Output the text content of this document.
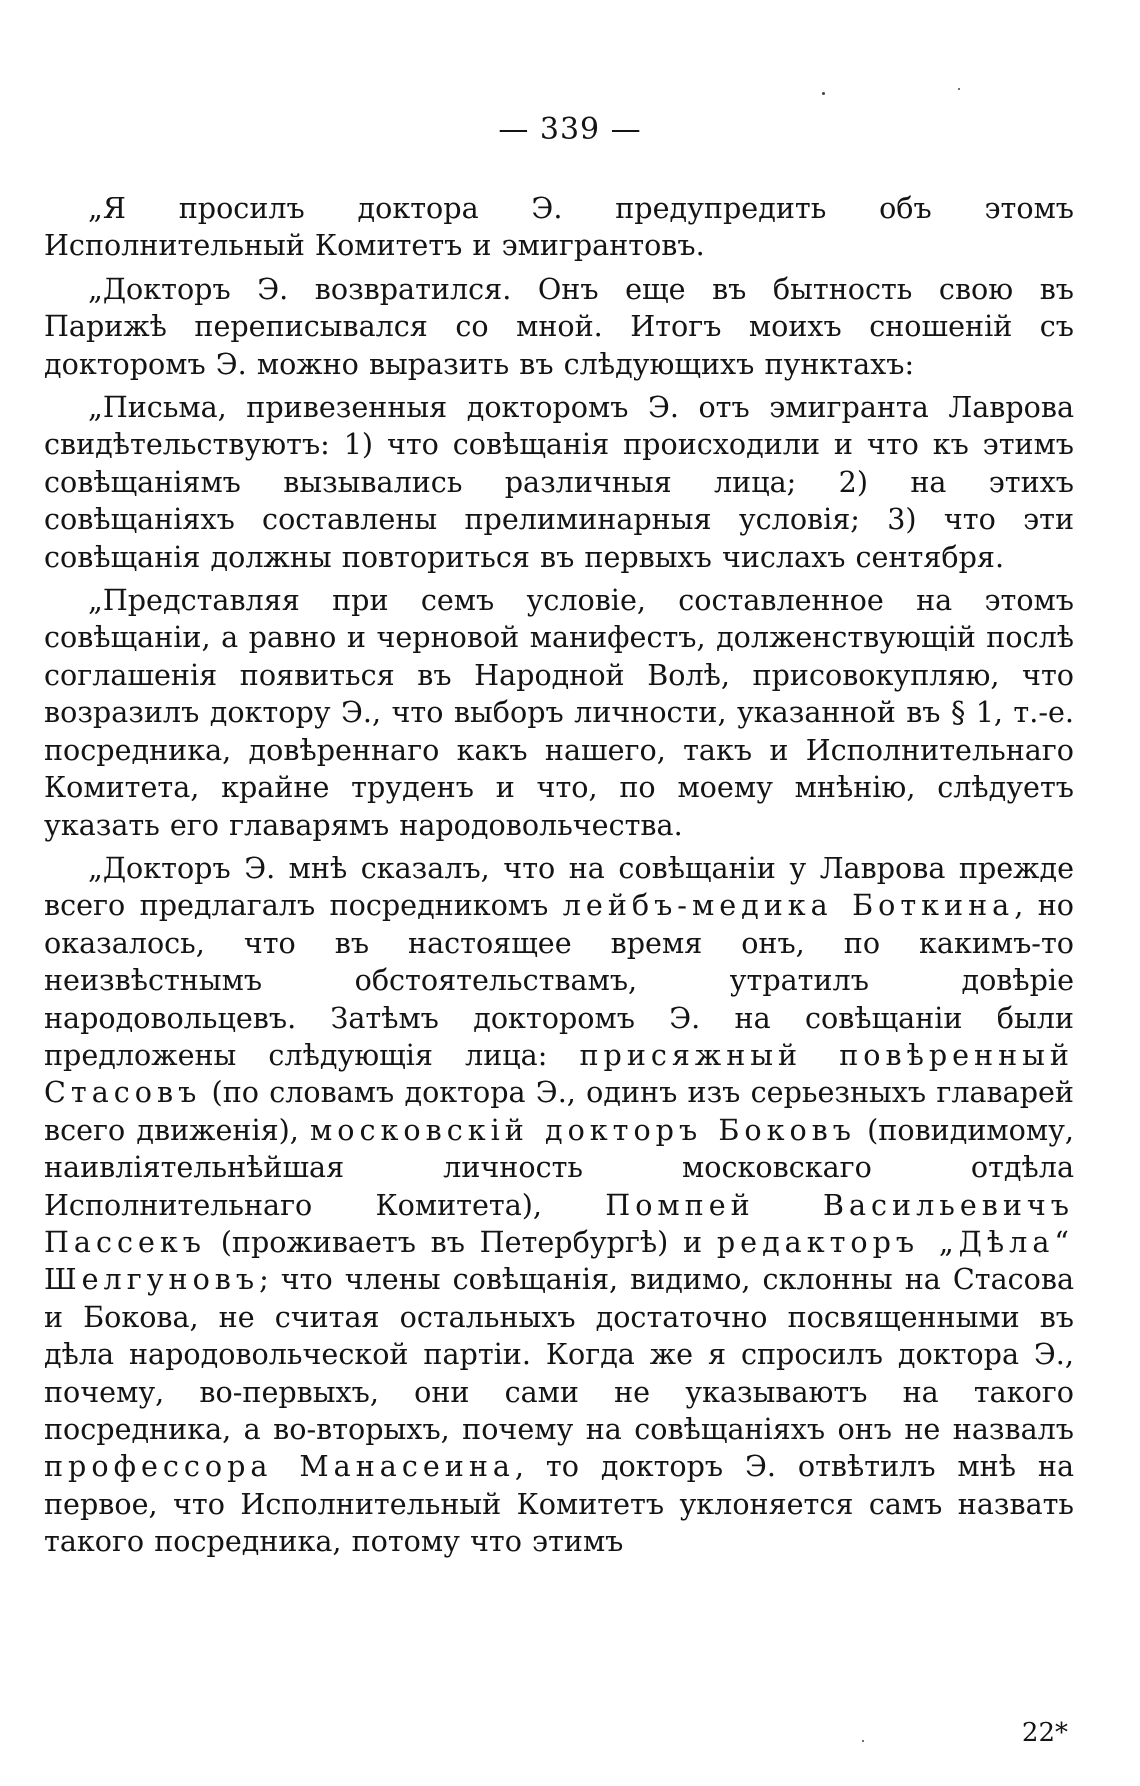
— 339 —

„Я просилъ доктора Э. предупредить объ этомъ Исполнительный Комитетъ и эмигрантовъ.

„Докторъ Э. возвратился. Онъ еще въ бытность свою въ Парижѣ переписывался со мной. Итогъ моихъ сношеній съ докторомъ Э. можно выразить въ слѣдующихъ пунктахъ:

„Письма, привезенныя докторомъ Э. отъ эмигранта Лаврова свидѣтельствуютъ: 1) что совѣщанія происходили и что къ этимъ совѣщаніямъ вызывались различныя лица; 2) на этихъ совѣщаніяхъ составлены прелиминарныя условія; 3) что эти совѣщанія должны повториться въ первыхъ числахъ сентября.

„Представляя при семъ условіе, составленное на этомъ совѣщаніи, а равно и черновой манифестъ, долженствующій послѣ соглашенія появиться въ Народной Волѣ, присовокупляю, что возразилъ доктору Э., что выборъ личности, указанной въ § 1, т.-е. посредника, довѣреннаго какъ нашего, такъ и Исполнительнаго Комитета, крайне труденъ и что, по моему мнѣнію, слѣдуетъ указать его главарямъ народовольчества.

„Докторъ Э. мнѣ сказалъ, что на совѣщаніи у Лаврова прежде всего предлагалъ посредникомъ лейбъ-медика Боткина, но оказалось, что въ настоящее время онъ, по какимъ-то неизвѣстнымъ обстоятельствамъ, утратилъ довѣріе народовольцевъ. Затѣмъ докторомъ Э. на совѣщаніи были предложены слѣдующія лица: присяжный повѣренный Стасовъ (по словамъ доктора Э., одинъ изъ серьезныхъ главарей всего движенія), московскій докторъ Боковъ (повидимому, наивліятельнѣйшая личность московскаго отдѣла Исполнительнаго Комитета), Помпей Васильевичъ Пассекъ (проживаетъ въ Петербургѣ) и редакторъ „Дѣла“ Шелгуновъ; что члены совѣщанія, видимо, склонны на Стасова и Бокова, не считая остальныхъ достаточно посвященными въ дѣла народовольческой партіи. Когда же я спросилъ доктора Э., почему, во-первыхъ, они сами не указываютъ на такого посредника, а во-вторыхъ, почему на совѣщаніяхъ онъ не назвалъ профессора Манасеина, то докторъ Э. отвѣтилъ мнѣ на первое, что Исполнительный Комитетъ уклоняется самъ назвать такого посредника, потому что этимъ

22*
